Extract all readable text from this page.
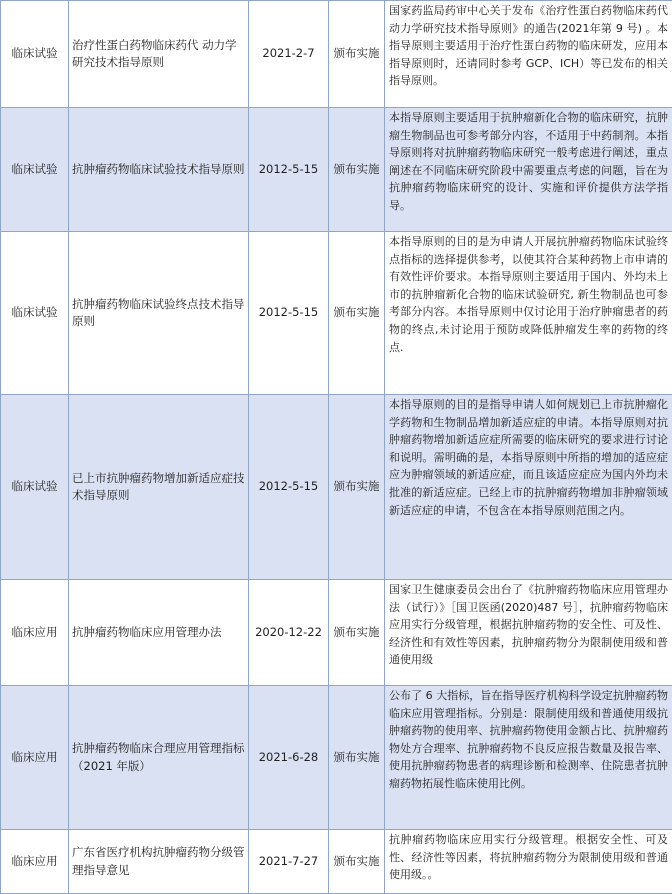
临床试验	治疗性蛋白药物临床药代 动力学研究技术指导原则	2021-2-7	颁布实施	国家药监局药审中心关于发布《治疗性蛋白药物临床药代动力学研究技术指导原则》的通告(2021年第 9 号) 。本指导原则主要适用于治疗性蛋白药物的临床研发，应用本指导原则时，还请同时参考 GCP、ICH）等已发布的相关指导原则。
临床试验	抗肿瘤药物临床试验技术指导原则	2012-5-15	颁布实施	本指导原则主要适用于抗肿瘤新化合物的临床研究，抗肿瘤生物制品也可参考部分内容，不适用于中药制剂。本指导原则将对抗肿瘤药物临床研究一般考虑进行阐述，重点阐述在不同临床研究阶段中需要重点考虑的问题，旨在为抗肿瘤药物临床研究的设计、实施和评价提供方法学指导。
临床试验	抗肿瘤药物临床试验终点技术指导原则	2012-5-15	颁布实施	本指导原则的目的是为申请人开展抗肿瘤药物临床试验终点指标的选择提供参考，以使其符合某种药物上市申请的有效性评价要求。本指导原则主要适用于国内、外均未上市的抗肿瘤新化合物的临床试验研究, 新生物制品也可参考部分内容。本指导原则中仅讨论用于治疗肿瘤患者的药物的终点,未讨论用于预防或降低肿瘤发生率的药物的终点.
临床试验	已上市抗肿瘤药物增加新适应症技术指导原则	2012-5-15	颁布实施	本指导原则的目的是指导申请人如何规划已上市抗肿瘤化学药物和生物制品增加新适应症的申请。本指导原则对抗肿瘤药物增加新适应症所需要的临床研究的要求进行讨论和说明。需明确的是，本指导原则中所指的增加的适应症应为肿瘤领域的新适应症，而且该适应症应为国内外均未批准的新适应症。已经上市的抗肿瘤药物增加非肿瘤领域新适应症的申请，不包含在本指导原则范围之内。
临床应用	抗肿瘤药物临床应用管理办法	2020-12-22	颁布实施	国家卫生健康委员会出台了《抗肿瘤药物临床应用管理办法（试行）》［国卫医函(2020)487 号］，抗肿瘤药物临床应用实行分级管理，根据抗肿瘤药物的安全性、可及性、经济性和有效性等因素，抗肿瘤药物分为限制使用级和普通使用级
临床应用	抗肿瘤药物临床合理应用管理指标（2021 年版）	2021-6-28	颁布实施	公布了 6 大指标，旨在指导医疗机构科学设定抗肿瘤药物临床应用管理指标。分别是：限制使用级和普通使用级抗肿瘤药物的使用率、抗肿瘤药物使用金额占比、抗肿瘤药物处方合理率、抗肿瘤药物不良反应报告数量及报告率、使用抗肿瘤药物患者的病理诊断和检测率、住院患者抗肿瘤药物拓展性临床使用比例。
临床应用	广东省医疗机构抗肿瘤药物分级管理指导意见	2021-7-27	颁布实施	抗肿瘤药物临床应用实行分级管理。根据安全性、可及性、经济性等因素，将抗肿瘤药物分为限制使用级和普通使用级。。
